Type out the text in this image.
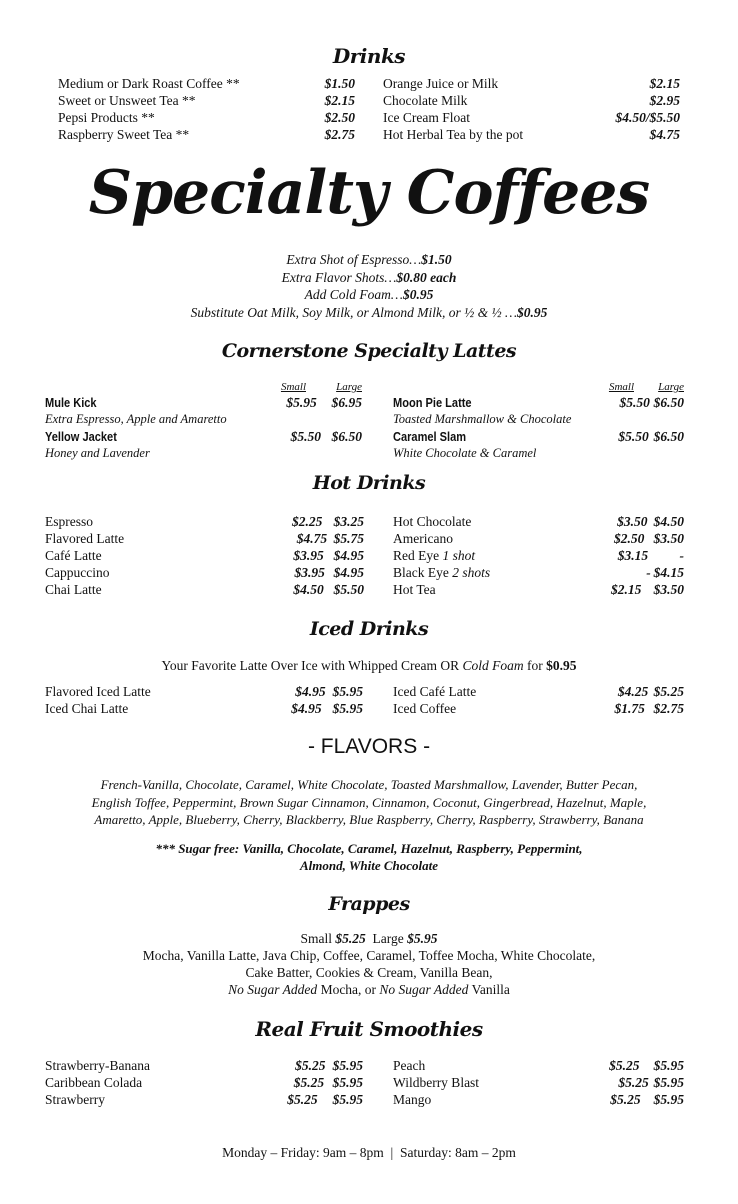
Drinks
Medium or Dark Roast Coffee **	$1.50
Sweet or Unsweet Tea **	$2.15
Pepsi Products **	$2.50
Raspberry Sweet Tea **	$2.75
Orange Juice or Milk	$2.15
Chocolate Milk	$2.95
Ice Cream Float	$4.50/$5.50
Hot Herbal Tea by the pot	$4.75
Specialty Coffees
Extra Shot of Espresso…$1.50
Extra Flavor Shots…$0.80 each
Add Cold Foam…$0.95
Substitute Oat Milk, Soy Milk, or Almond Milk, or ½ & ½ …$0.95
Cornerstone Specialty Lattes
Small	Large
Mule Kick	$5.95	$6.95
Extra Espresso, Apple and Amaretto
Yellow Jacket	$5.50 $6.50
Honey and Lavender
Small	Large
Moon Pie Latte	$5.50 $6.50
Toasted Marshmallow & Chocolate
Caramel Slam	$5.50 $6.50
White Chocolate & Caramel
Hot Drinks
Espresso	$2.25 $3.25
Flavored Latte	$4.75 $5.75
Café Latte	$3.95 $4.95
Cappuccino	$3.95 $4.95
Chai Latte	$4.50 $5.50
Hot Chocolate	$3.50 $4.50
Americano	$2.50 $3.50
Red Eye 1 shot	$3.15	-
Black Eye 2 shots	- $4.15
Hot Tea	$2.15 $3.50
Iced Drinks
Your Favorite Latte Over Ice with Whipped Cream OR Cold Foam for $0.95
Flavored Iced Latte	$4.95 $5.95
Iced Chai Latte	$4.95 $5.95
Iced Café Latte	$4.25 $5.25
Iced Coffee	$1.75 $2.75
- FLAVORS -
French-Vanilla, Chocolate, Caramel, White Chocolate, Toasted Marshmallow, Lavender, Butter Pecan,
English Toffee, Peppermint, Brown Sugar Cinnamon, Cinnamon, Coconut, Gingerbread, Hazelnut, Maple,
Amaretto, Apple, Blueberry, Cherry, Blackberry, Blue Raspberry, Cherry, Raspberry, Strawberry, Banana
*** Sugar free: Vanilla, Chocolate, Caramel, Hazelnut, Raspberry, Peppermint,
Almond, White Chocolate
Frappes
Small $5.25  Large $5.95
Mocha, Vanilla Latte, Java Chip, Coffee, Caramel, Toffee Mocha, White Chocolate,
Cake Batter, Cookies & Cream, Vanilla Bean,
No Sugar Added Mocha, or No Sugar Added Vanilla
Real Fruit Smoothies
Strawberry-Banana	$5.25 $5.95
Caribbean Colada	$5.25 $5.95
Strawberry	$5.25	$5.95
Peach	$5.25	$5.95
Wildberry Blast	$5.25 $5.95
Mango	$5.25 $5.95
Monday – Friday: 9am – 8pm  |  Saturday: 8am – 2pm
